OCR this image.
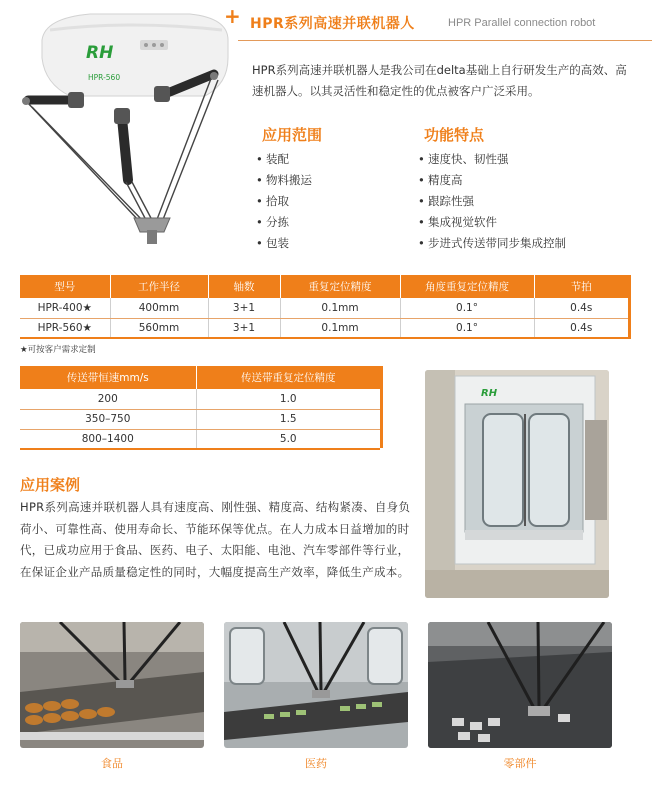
+ HPR系列高速并联机器人	HPR Parallel connection robot
RH
HPR-560
HPR系列高速并联机器人是我公司在delta基础上自行研发生产的高效、高速机器人。以其灵活性和稳定性的优点被客户广泛采用。
应用范围
• 装配
• 物料搬运
• 拾取
• 分拣
• 包装
功能特点
• 速度快、韧性强
• 精度高
• 跟踪性强
• 集成视觉软件
• 步进式传送带同步集成控制
型号	工作半径	轴数	重复定位精度	角度重复定位精度	节拍
HPR-400★	400mm	3+1	0.1mm	0.1°	0.4s
HPR-560★	560mm	3+1	0.1mm	0.1°	0.4s
★可按客户需求定制
传送带恒速mm/s	传送带重复定位精度
200	1.0
350–750	1.5
800–1400	5.0
RH
应用案例
HPR系列高速并联机器人具有速度高、刚性强、精度高、结构紧凑、自身负荷小、可靠性高、使用寿命长、节能环保等优点。在人力成本日益增加的时代，已成功应用于食品、医药、电子、太阳能、电池、汽车零部件等行业，在保证企业产品质量稳定性的同时，大幅度提高生产效率，降低生产成本。
食品	医药	零部件
